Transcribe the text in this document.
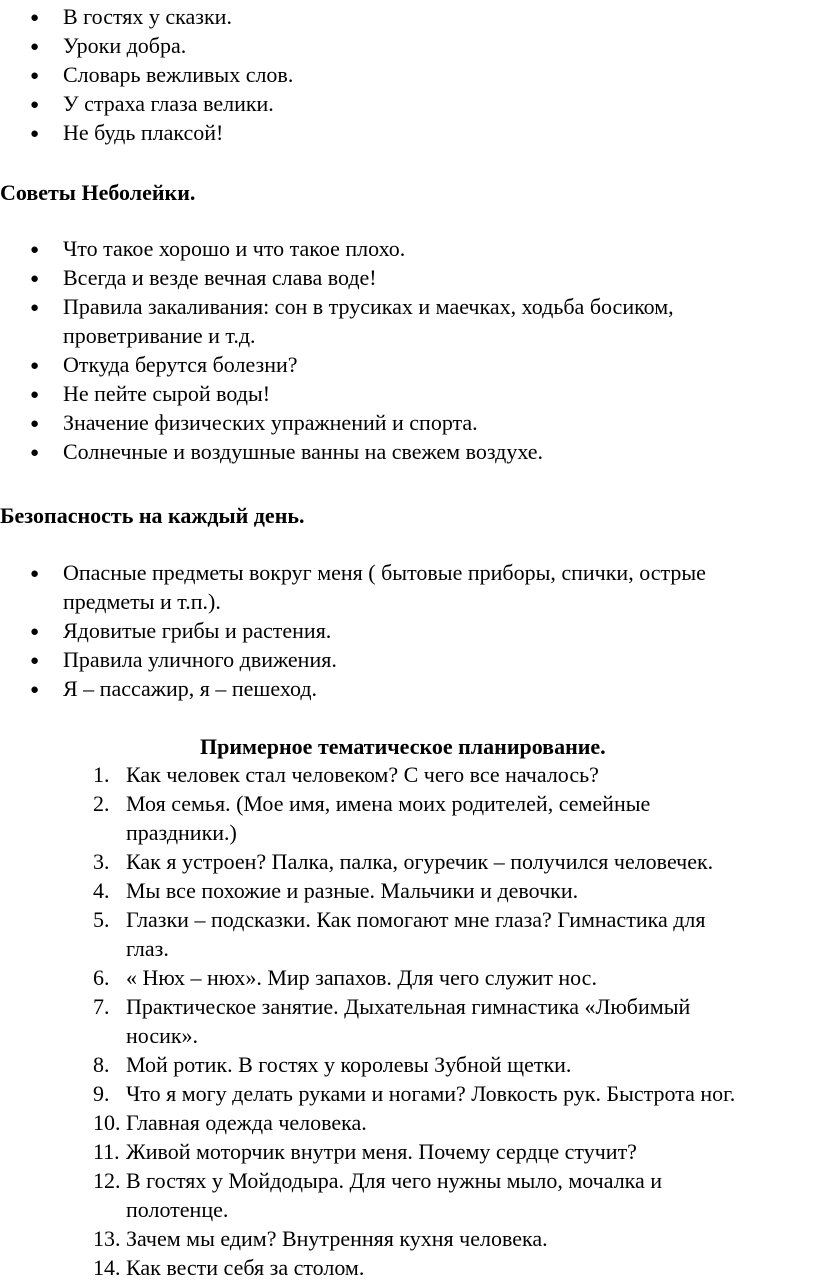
● В гостях у сказки.
● Уроки добра.
● Словарь вежливых слов.
● У страха глаза велики.
● Не будь плаксой!
Советы Неболейки.
● Что такое хорошо и что такое плохо.
● Всегда и везде вечная слава воде!
● Правила закаливания: сон в трусиках и маечках, ходьба босиком,
проветривание и т.д.
● Откуда берутся болезни?
● Не пейте сырой воды!
● Значение физических упражнений и спорта.
● Солнечные и воздушные ванны на свежем воздухе.
Безопасность на каждый день.
● Опасные предметы вокруг меня ( бытовые приборы, спички, острые
предметы и т.п.).
● Ядовитые грибы и растения.
● Правила уличного движения.
● Я – пассажир, я – пешеход.
Примерное тематическое планирование.
1. Как человек стал человеком? С чего все началось?
2. Моя семья. (Мое имя, имена моих родителей, семейные
праздники.)
3. Как я устроен? Палка, палка, огуречик – получился человечек.
4. Мы все похожие и разные. Мальчики и девочки.
5. Глазки – подсказки. Как помогают мне глаза? Гимнастика для
глаз.
6. « Нюх – нюх». Мир запахов. Для чего служит нос.
7. Практическое занятие. Дыхательная гимнастика «Любимый
носик».
8. Мой ротик. В гостях у королевы Зубной щетки.
9. Что я могу делать руками и ногами? Ловкость рук. Быстрота ног.
10. Главная одежда человека.
11. Живой моторчик внутри меня. Почему сердце стучит?
12. В гостях у Мойдодыра. Для чего нужны мыло, мочалка и
полотенце.
13. Зачем мы едим? Внутренняя кухня человека.
14. Как вести себя за столом.
